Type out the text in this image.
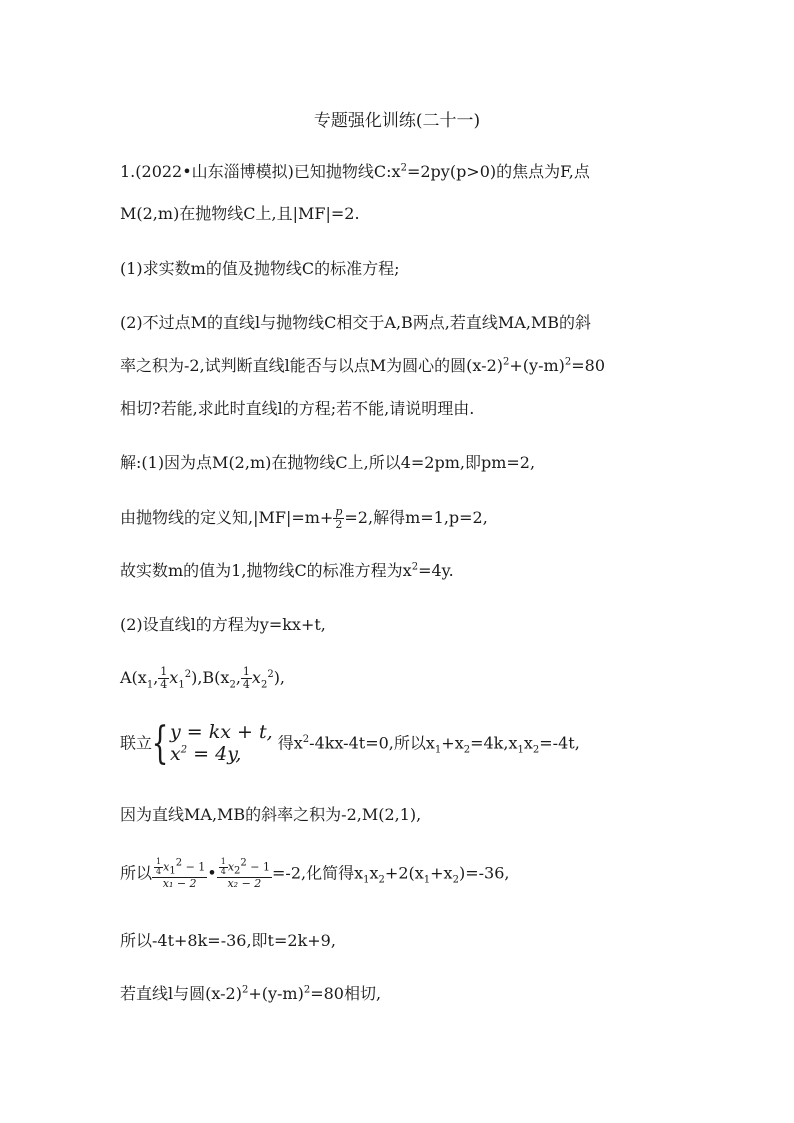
专题强化训练(二十一)
1.(2022•山东淄博模拟)已知抛物线$C:x^2=2py(p>0)$的焦点为F,点
M(2,m)在抛物线C上,且|MF|=2.
(1)求实数m的值及抛物线C的标准方程;
(2)不过点M的直线l与抛物线C相交于A,B两点,若直线MA,MB的斜
率之积为-2,试判断直线l能否与以点M为圆心的圆$(x-2)^2+(y-m)^2=80$
相切?若能,求此时直线l的方程;若不能,请说明理由.
解:(1)因为点M(2,m)在抛物线C上,所以4=2pm,即pm=2,
由抛物线的定义知$,|MF|=m+ \frac{p}{2} =2$,解得m=1,p=2,
故实数m的值为1,抛物线C的标准方程为$x^2=4y$.
(2)设直线l的方程为y=kx+t,
$A(x_1$, $\frac{1}{4} x_1^2),B(x_2$, $\frac{1}{4} x_2^2$),
联立{ y = kx + t,
$x^2 = 4y$,	得$x^2-4kx-4t=0$,所以$x_1+x_2=4k,x_1x_2=-4t$,
因为直线MA,MB的斜率之积为-2,M(2,1),
所以 $\frac{\frac{1}{4} x_1^2 - 1}{\text{x₁ − 2}}$ • $\frac{\frac{1}{4} x_2^2 - 1}{\text{x₂ − 2}} =-2$,化简得$x_1x_2+2(x_1+x_2)=-36$,
所以-4t+8k=-36,即t=2k+9,
若直线l与圆$(x-2)^2+(y-m)^2=80$相切,
